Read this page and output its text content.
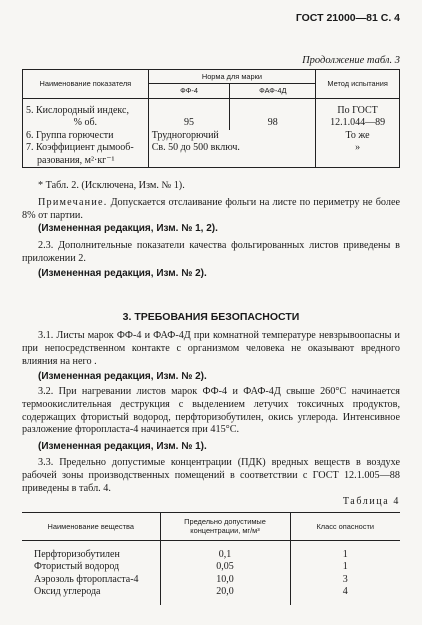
ГОСТ 21000—81 С. 4
Продолжение табл. 3
Наименование показателя	Норма для марки		Метод испытания
	ФФ-4	ФАФ-4Д	

5. Кислородный индекс,			По ГОСТ
% об.	95	98	12.1.044—89
6. Группа горючести	Трудногорючий		То же
7. Коэффициент дымооб-	Св. 50 до 500 включ.		»
разования, м²·кг⁻¹			
* Табл. 2. (Исключена, Изм. № 1).
Примечание. Допускается отслаивание фольги на листе по периметру не более 8% от партии.
(Измененная редакция, Изм. № 1, 2).
2.3. Дополнительные показатели качества фольгированных листов приведены в приложении 2.
(Измененная редакция, Изм. № 2).
3. ТРЕБОВАНИЯ БЕЗОПАСНОСТИ
3.1. Листы марок ФФ-4 и ФАФ-4Д при комнатной температуре невзрывоопасны и при непосредственном контакте с организмом человека не оказывают вредного влияния на него .
(Измененная редакция, Изм. № 2).
3.2. При нагревании листов марок ФФ-4 и ФАФ-4Д свыше 260°С начинается термоокислительная деструкция с выделением летучих токсичных продуктов, содержащих фтористый водород, перфторизобутилен, окись углерода. Интенсивное разложение фторопласта-4 начинается при 415°С.
(Измененная редакция, Изм. № 1).
Таблица 4
Наименование вещества	Предельно допустимые концентрации, мг/м³	Класс опасности

Перфторизобутилен	0,1	1
Фтористый водород	0,05	1
Аэрозоль фторопласта-4	10,0	3
Оксид углерода	20,0	4

3.3. Предельно допустимые концентрации (ПДК) вредных веществ в воздухе рабочей зоны производственных помещений в соответствии с ГОСТ 12.1.005—88 приведены в табл. 4.
